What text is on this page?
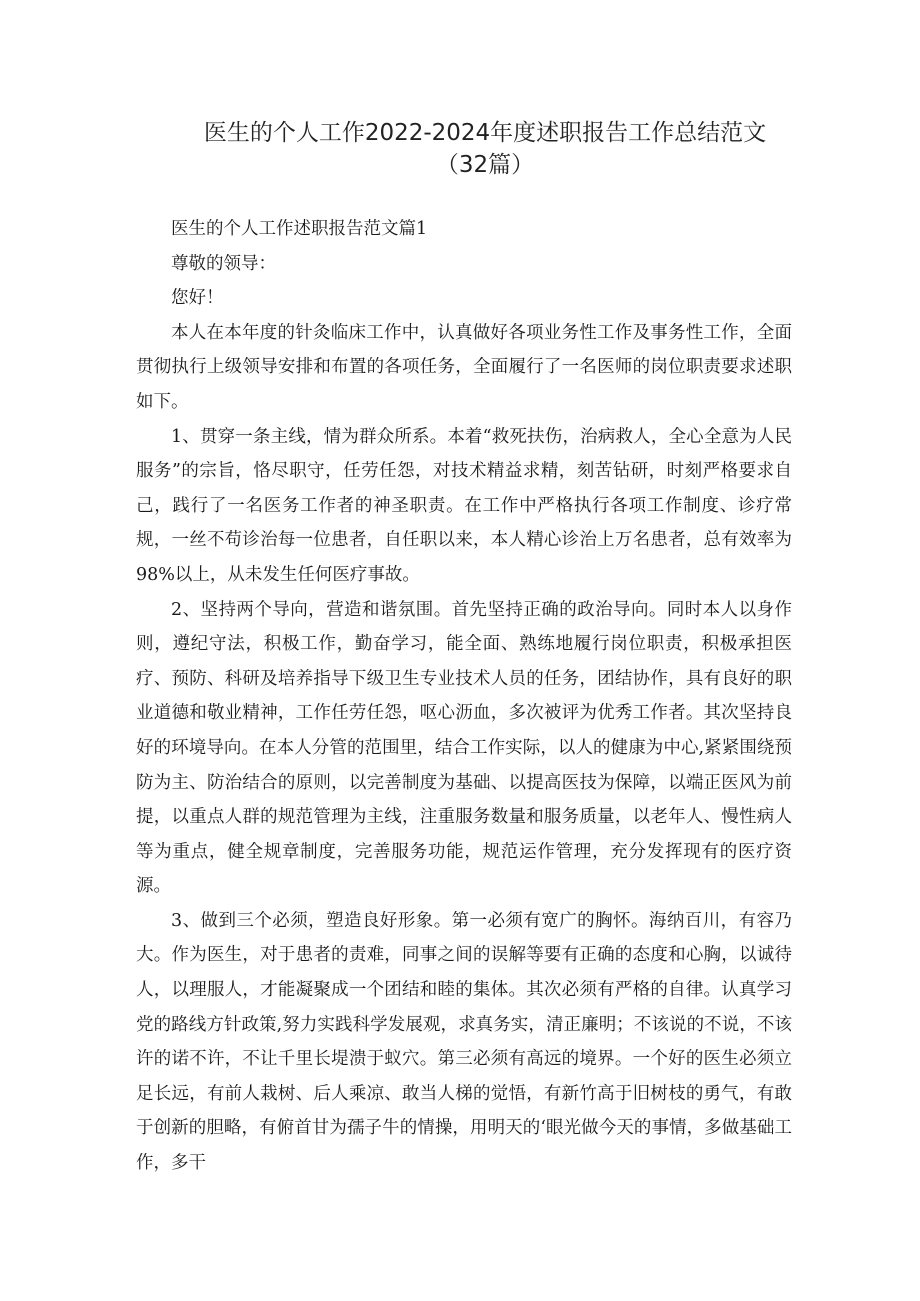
医生的个人工作2022-2024年度述职报告工作总结范文
（32篇）

医生的个人工作述职报告范文篇1

尊敬的领导：

您好！

本人在本年度的针灸临床工作中，认真做好各项业务性工作及事务性工作，全面贯彻执行上级领导安排和布置的各项任务，全面履行了一名医师的岗位职责要求述职如下。

1、贯穿一条主线，情为群众所系。本着“救死扶伤，治病救人，全心全意为人民服务”的宗旨，恪尽职守，任劳任怨，对技术精益求精，刻苦钻研，时刻严格要求自己，践行了一名医务工作者的神圣职责。在工作中严格执行各项工作制度、诊疗常规，一丝不苟诊治每一位患者，自任职以来，本人精心诊治上万名患者，总有效率为98%以上，从未发生任何医疗事故。

2、坚持两个导向，营造和谐氛围。首先坚持正确的政治导向。同时本人以身作则，遵纪守法，积极工作，勤奋学习，能全面、熟练地履行岗位职责，积极承担医疗、预防、科研及培养指导下级卫生专业技术人员的任务，团结协作，具有良好的职业道德和敬业精神，工作任劳任怨，呕心沥血，多次被评为优秀工作者。其次坚持良好的环境导向。在本人分管的范围里，结合工作实际，以人的健康为中心,紧紧围绕预防为主、防治结合的原则，以完善制度为基础、以提高医技为保障，以端正医风为前提，以重点人群的规范管理为主线，注重服务数量和服务质量，以老年人、慢性病人等为重点，健全规章制度，完善服务功能，规范运作管理，充分发挥现有的医疗资源。

3、做到三个必须，塑造良好形象。第一必须有宽广的胸怀。海纳百川，有容乃大。作为医生，对于患者的责难，同事之间的误解等要有正确的态度和心胸，以诚待人，以理服人，才能凝聚成一个团结和睦的集体。其次必须有严格的自律。认真学习党的路线方针政策,努力实践科学发展观，求真务实，清正廉明；不该说的不说，不该许的诺不许，不让千里长堤溃于蚁穴。第三必须有高远的境界。一个好的医生必须立足长远，有前人栽树、后人乘凉、敢当人梯的觉悟，有新竹高于旧树枝的勇气，有敢于创新的胆略，有俯首甘为孺子牛的情操，用明天的‘眼光做今天的事情，多做基础工作，多干
